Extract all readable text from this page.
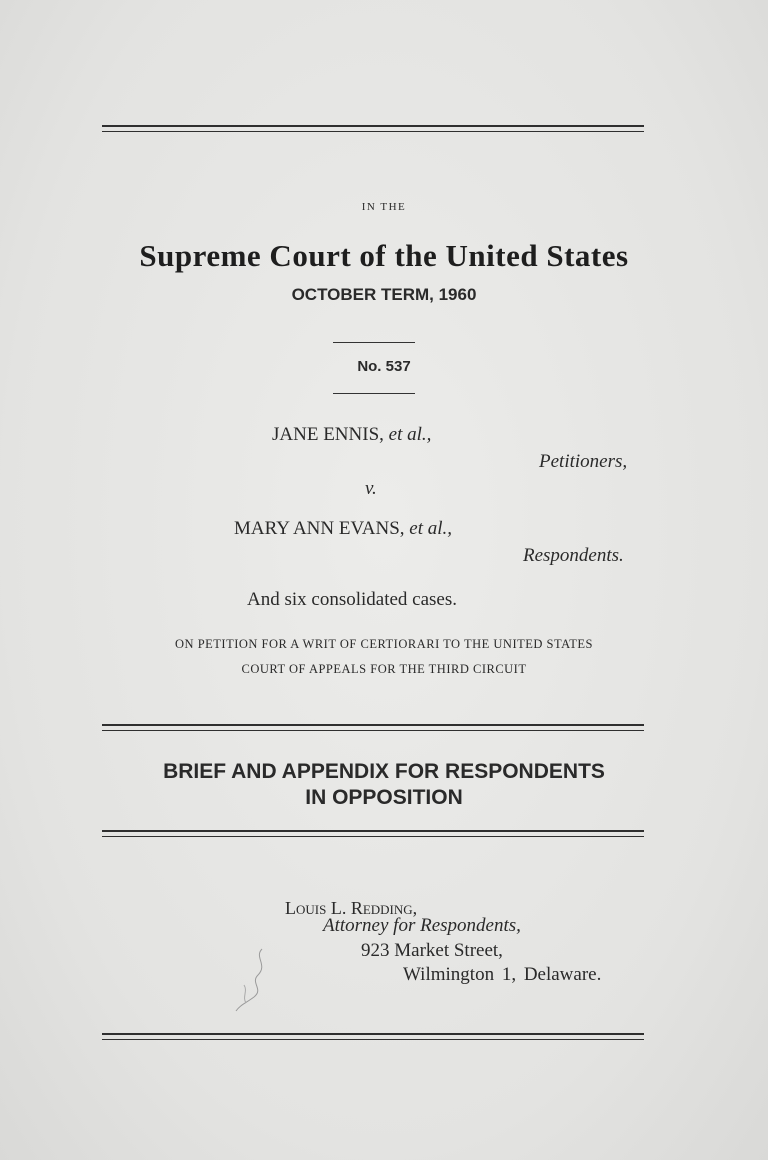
IN THE
Supreme Court of the United States
OCTOBER TERM, 1960
No. 537
JANE ENNIS, et al.,
Petitioners,
v.
MARY ANN EVANS, et al.,
Respondents.
And six consolidated cases.
ON PETITION FOR A WRIT OF CERTIORARI TO THE UNITED STATES
COURT OF APPEALS FOR THE THIRD CIRCUIT
BRIEF AND APPENDIX FOR RESPONDENTS
IN OPPOSITION
Louis L. Redding,
Attorney for Respondents,
923 Market Street,
Wilmington 1, Delaware.
